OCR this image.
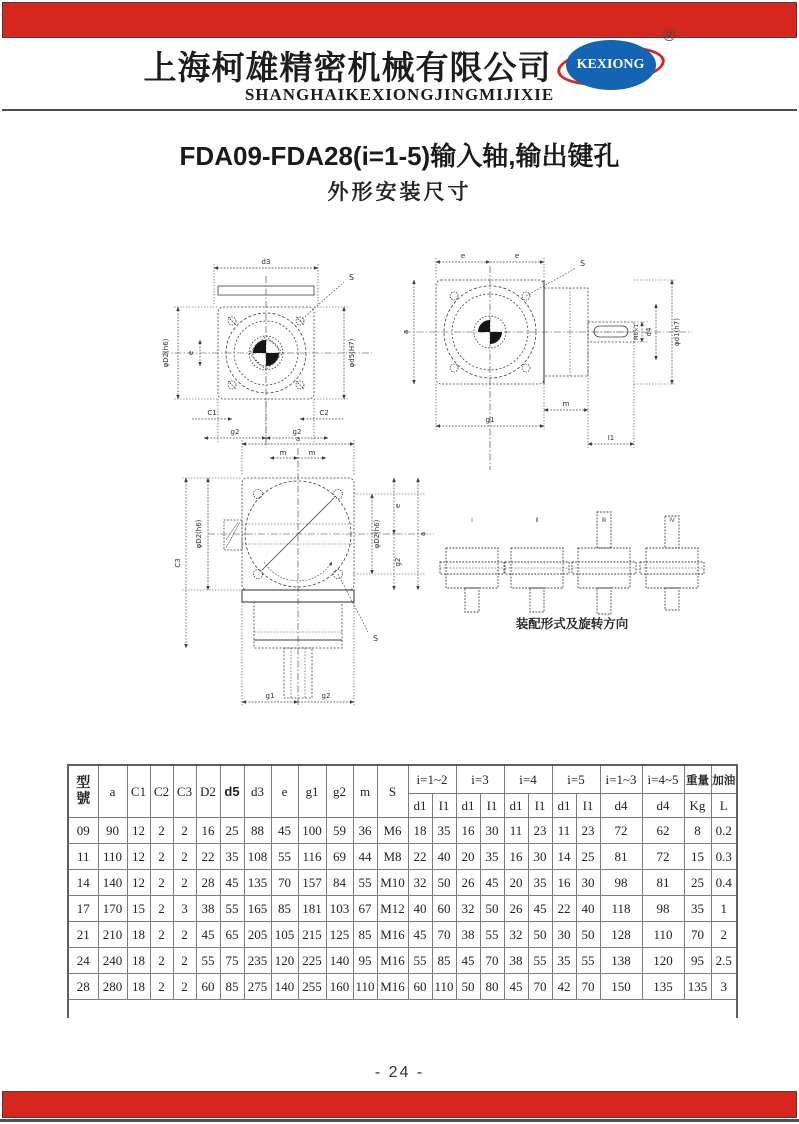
上海柯雄精密机械有限公司 KEXIONG
®
SHANGHAIKEXIONGJINGMIJIXIE
FDA09-FDA28(i=1-5)输入轴,输出键孔
外形安装尺寸
d3
S
φD2(h6) e	φd5(H7)
C1	C2
g2	g2
e	e
S
a	M6×1 d4	φd1(h7)
m
g1
I1
a
m	m
φD2(h6)
C3
φD2(h6)
e
g2
a
S
g1	g2
Ⅰ	Ⅱ	Ⅲ	Ⅳ
装配形式及旋转方向
型
號	a	C1	C2	C3	D2	d5	d3	e	g1	g2	m	S	i=1~2		i=3		i=4		i=5		i=1~3	i=4~5	重量	加油
													d1	I1	d1	I1	d1	I1	d1	I1	d4	d4	Kg	L
09	90	12	2	2	16	25	88	45	100	59	36	M6	18	35	16	30	11	23	11	23	72	62	8	0.2
11	110	12	2	2	22	35	108	55	116	69	44	M8	22	40	20	35	16	30	14	25	81	72	15	0.3
14	140	12	2	2	28	45	135	70	157	84	55	M10	32	50	26	45	20	35	16	30	98	81	25	0.4
17	170	15	2	3	38	55	165	85	181	103	67	M12	40	60	32	50	26	45	22	40	118	98	35	1
21	210	18	2	2	45	65	205	105	215	125	85	M16	45	70	38	55	32	50	30	50	128	110	70	2
24	240	18	2	2	55	75	235	120	225	140	95	M16	55	85	45	70	38	55	35	55	138	120	95	2.5
28	280	18	2	2	60	85	275	140	255	160	110	M16	60	110	50	80	45	70	42	70	150	135	135	3

- 24 -
